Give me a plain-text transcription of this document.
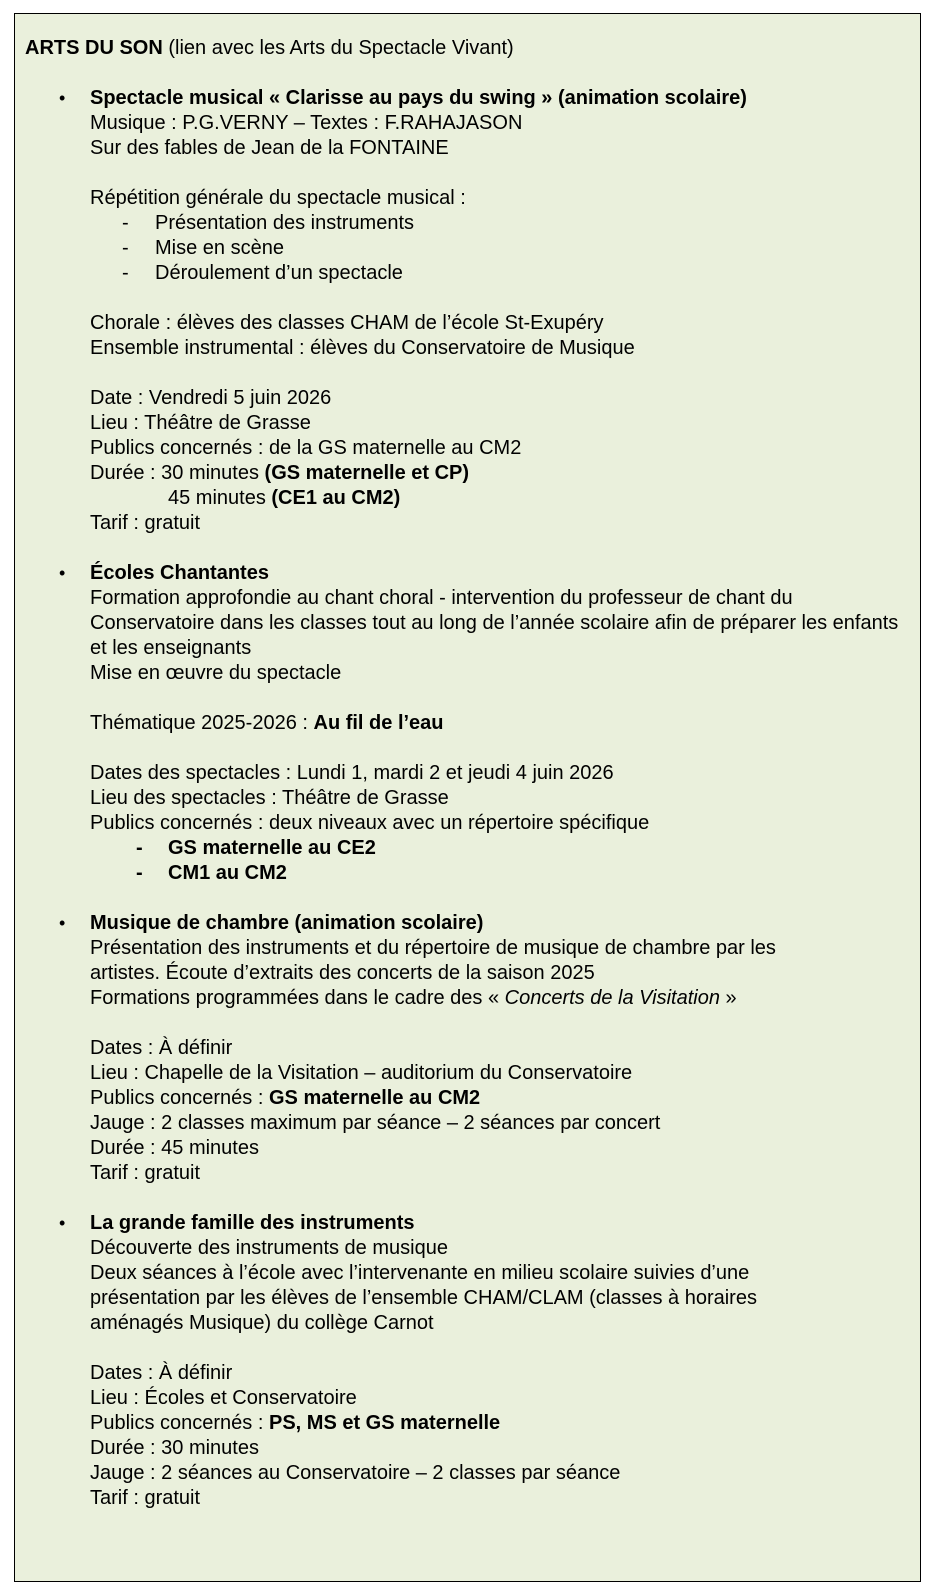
ARTS DU SON (lien avec les Arts du Spectacle Vivant)
• Spectacle musical « Clarisse au pays du swing » (animation scolaire)
Musique : P.G.VERNY – Textes : F.RAHAJASON
Sur des fables de Jean de la FONTAINE
Répétition générale du spectacle musical :
- Présentation des instruments
- Mise en scène
- Déroulement d’un spectacle
Chorale : élèves des classes CHAM de l’école St-Exupéry
Ensemble instrumental : élèves du Conservatoire de Musique
Date : Vendredi 5 juin 2026
Lieu : Théâtre de Grasse
Publics concernés : de la GS maternelle au CM2
Durée : 30 minutes (GS maternelle et CP)
45 minutes (CE1 au CM2)
Tarif : gratuit
• Écoles Chantantes
Formation approfondie au chant choral - intervention du professeur de chant du Conservatoire dans les classes tout au long de l’année scolaire afin de préparer les enfants et les enseignants
Mise en œuvre du spectacle
Thématique 2025-2026 : Au fil de l’eau
Dates des spectacles : Lundi 1, mardi 2 et jeudi 4 juin 2026
Lieu des spectacles : Théâtre de Grasse
Publics concernés : deux niveaux avec un répertoire spécifique
- GS maternelle au CE2
- CM1 au CM2
• Musique de chambre (animation scolaire)
Présentation des instruments et du répertoire de musique de chambre par les artistes. Écoute d’extraits des concerts de la saison 2025
Formations programmées dans le cadre des « Concerts de la Visitation »
Dates : À définir
Lieu : Chapelle de la Visitation – auditorium du Conservatoire
Publics concernés : GS maternelle au CM2
Jauge : 2 classes maximum par séance – 2 séances par concert
Durée : 45 minutes
Tarif : gratuit
• La grande famille des instruments
Découverte des instruments de musique
Deux séances à l’école avec l’intervenante en milieu scolaire suivies d’une présentation par les élèves de l’ensemble CHAM/CLAM (classes à horaires aménagés Musique) du collège Carnot
Dates : À définir
Lieu : Écoles et Conservatoire
Publics concernés : PS, MS et GS maternelle
Durée : 30 minutes
Jauge : 2 séances au Conservatoire – 2 classes par séance
Tarif : gratuit
